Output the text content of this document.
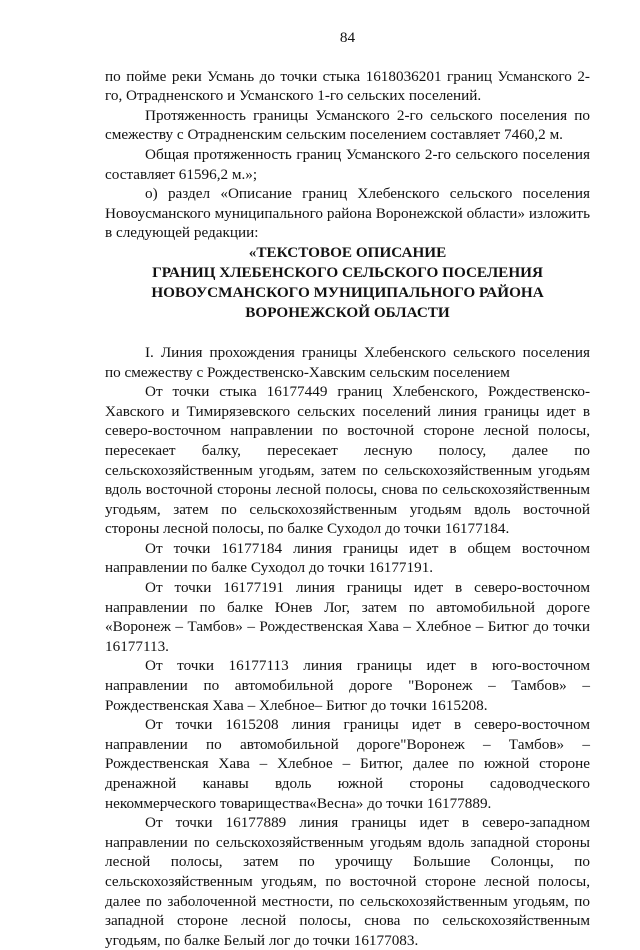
84

по пойме реки Усмань до точки стыка 1618036201 границ Усманского 2-го, Отрадненского и Усманского 1-го сельских поселений.

Протяженность границы Усманского 2-го сельского поселения по смежеству с Отрадненским сельским поселением составляет 7460,2 м.

Общая протяженность границ Усманского 2-го сельского поселения составляет 61596,2 м.»;

о) раздел «Описание границ Хлебенского сельского поселения Новоусманского муниципального района Воронежской области» изложить в следующей редакции:

«ТЕКСТОВОЕ ОПИСАНИЕ
ГРАНИЦ ХЛЕБЕНСКОГО СЕЛЬСКОГО ПОСЕЛЕНИЯ
НОВОУСМАНСКОГО МУНИЦИПАЛЬНОГО РАЙОНА
ВОРОНЕЖСКОЙ ОБЛАСТИ

I. Линия прохождения границы Хлебенского сельского поселения по смежеству с Рождественско-Хавским сельским поселением

От точки стыка 16177449 границ Хлебенского, Рождественско-Хавского и Тимирязевского сельских поселений линия границы идет в северо-восточном направлении по восточной стороне лесной полосы, пересекает балку, пересекает лесную полосу, далее по сельскохозяйственным угодьям, затем по сельскохозяйственным угодьям вдоль восточной стороны лесной полосы, снова по сельскохозяйственным угодьям, затем по сельскохозяйственным угодьям вдоль восточной стороны лесной полосы, по балке Суходол до точки 16177184.

От точки 16177184 линия границы идет в общем восточном направлении по балке Суходол до точки 16177191.

От точки 16177191 линия границы идет в северо-восточном направлении по балке Юнев Лог, затем по автомобильной дороге «Воронеж – Тамбов» – Рождественская Хава – Хлебное – Битюг до точки 16177113.

От точки 16177113 линия границы идет в юго-восточном направлении по автомобильной дороге "Воронеж – Тамбов» – Рождественская Хава – Хлебное– Битюг до точки 1615208.

От точки 1615208 линия границы идет в северо-восточном направлении по автомобильной дороге"Воронеж – Тамбов» – Рождественская Хава – Хлебное – Битюг, далее по южной стороне дренажной канавы вдоль южной стороны садоводческого некоммерческого товарищества«Весна» до точки 16177889.

От точки 16177889 линия границы идет в северо-западном направлении по сельскохозяйственным угодьям вдоль западной стороны лесной полосы, затем по урочищу Большие Солонцы, по сельскохозяйственным угодьям, по восточной стороне лесной полосы, далее по заболоченной местности, по сельскохозяйственным угодьям, по западной стороне лесной полосы, снова по сельскохозяйственным угодьям, по балке Белый лог до точки 16177083.
